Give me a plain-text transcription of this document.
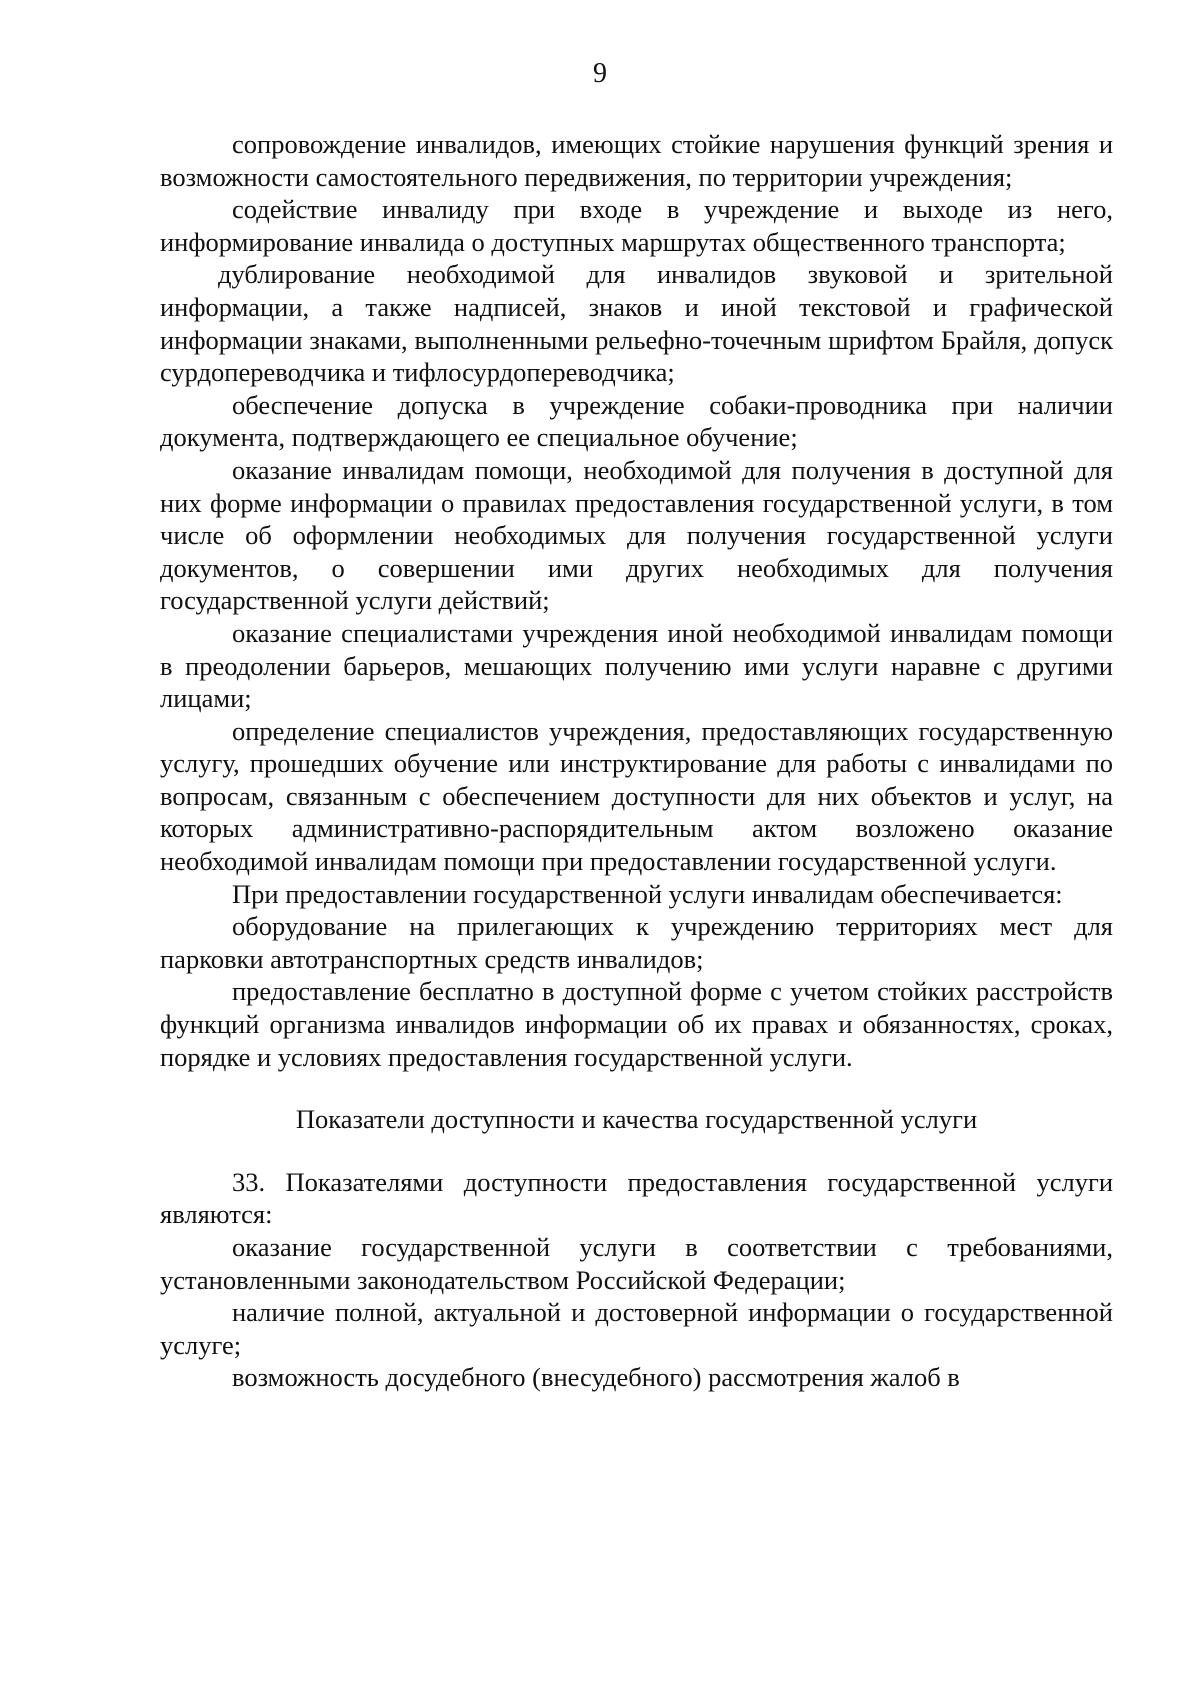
9

сопровождение инвалидов, имеющих стойкие нарушения функций зрения и возможности самостоятельного передвижения, по территории учреждения;

содействие инвалиду при входе в учреждение и выходе из него, информирование инвалида о доступных маршрутах общественного транспорта;

дублирование необходимой для инвалидов звуковой и зрительной информации, а также надписей, знаков и иной текстовой и графической информации знаками, выполненными рельефно-точечным шрифтом Брайля, допуск сурдопереводчика и тифлосурдопереводчика;

обеспечение допуска в учреждение собаки-проводника при наличии документа, подтверждающего ее специальное обучение;

оказание инвалидам помощи, необходимой для получения в доступной для них форме информации о правилах предоставления государственной услуги, в том числе об оформлении необходимых для получения государственной услуги документов, о совершении ими других необходимых для получения государственной услуги действий;

оказание специалистами учреждения иной необходимой инвалидам помощи в преодолении барьеров, мешающих получению ими услуги наравне с другими лицами;

определение специалистов учреждения, предоставляющих государственную услугу, прошедших обучение или инструктирование для работы с инвалидами по вопросам, связанным с обеспечением доступности для них объектов и услуг, на которых административно-распорядительным актом возложено оказание необходимой инвалидам помощи при предоставлении государственной услуги.

При предоставлении государственной услуги инвалидам обеспечивается:

оборудование на прилегающих к учреждению территориях мест для парковки автотранспортных средств инвалидов;

предоставление бесплатно в доступной форме с учетом стойких расстройств функций организма инвалидов информации об их правах и обязанностях, сроках, порядке и условиях предоставления государственной услуги.

Показатели доступности и качества государственной услуги

33. Показателями доступности предоставления государственной услуги являются:

оказание государственной услуги в соответствии с требованиями, установленными законодательством Российской Федерации;

наличие полной, актуальной и достоверной информации о государственной услуге;

возможность досудебного (внесудебного) рассмотрения жалоб в
